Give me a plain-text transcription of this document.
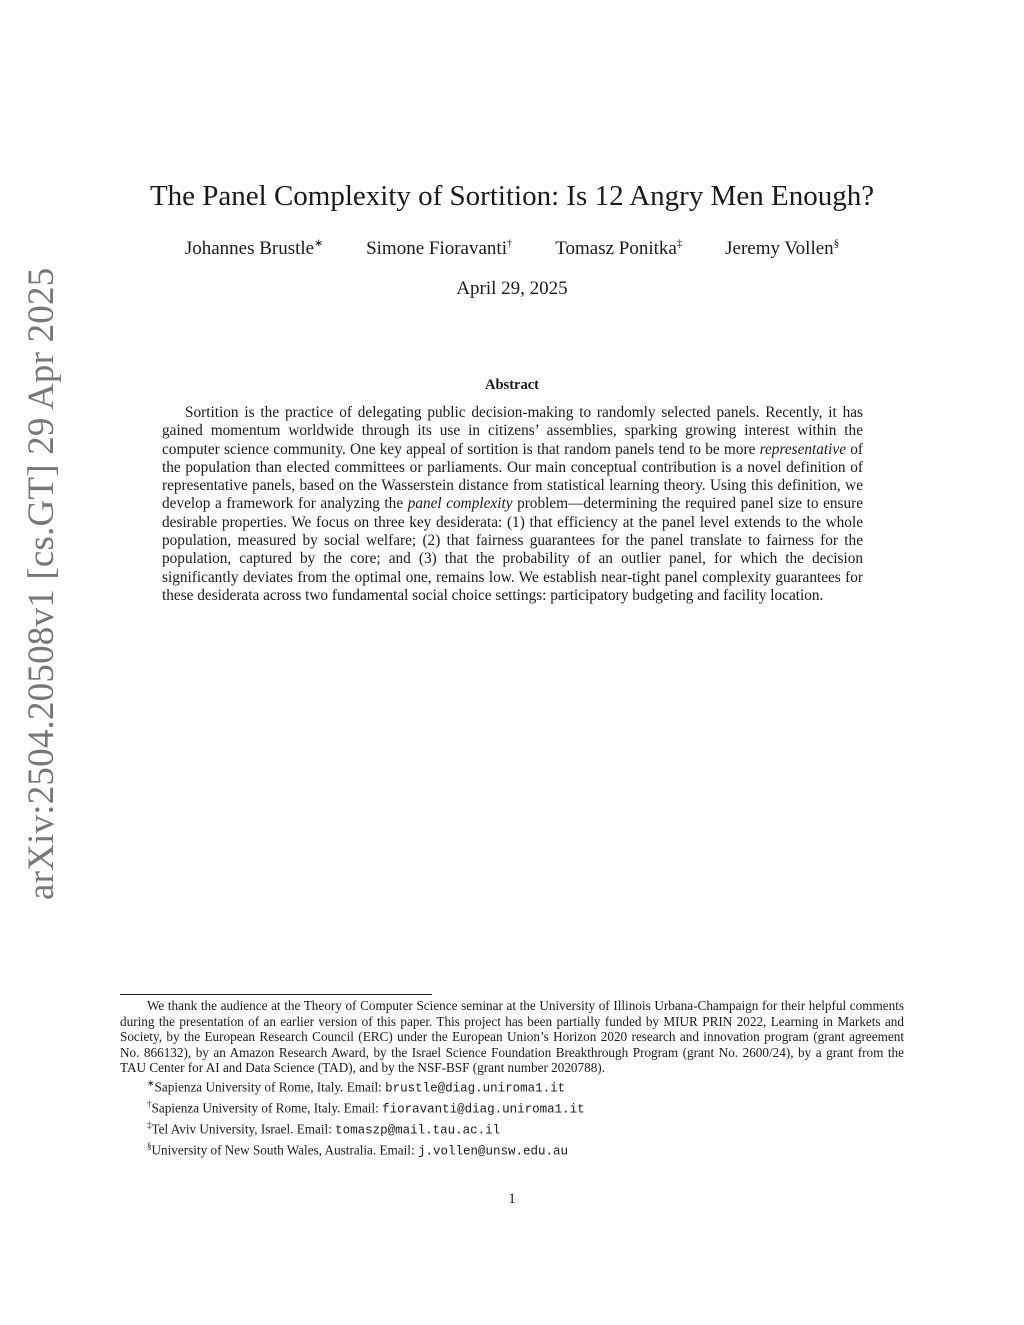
arXiv:2504.20508v1 [cs.GT] 29 Apr 2025
The Panel Complexity of Sortition: Is 12 Angry Men Enough?
Johannes Brustle∗ Simone Fioravanti† Tomasz Ponitka‡ Jeremy Vollen§
April 29, 2025
Abstract

Sortition is the practice of delegating public decision-making to randomly selected panels. Recently, it has gained momentum worldwide through its use in citizens’ assemblies, sparking growing interest within the computer science community. One key appeal of sortition is that random panels tend to be more representative of the population than elected committees or parliaments. Our main conceptual contribution is a novel definition of representative panels, based on the Wasserstein distance from statistical learning theory. Using this definition, we develop a framework for analyzing the panel complexity problem—determining the required panel size to ensure desirable properties. We focus on three key desiderata: (1) that efficiency at the panel level extends to the whole population, measured by social welfare; (2) that fairness guarantees for the panel translate to fairness for the population, captured by the core; and (3) that the probability of an outlier panel, for which the decision significantly deviates from the optimal one, remains low. We establish near-tight panel complexity guarantees for these desiderata across two fundamental social choice settings: participatory budgeting and facility location.

We thank the audience at the Theory of Computer Science seminar at the University of Illinois Urbana-Champaign for their helpful comments during the presentation of an earlier version of this paper. This project has been partially funded by MIUR PRIN 2022, Learning in Markets and Society, by the European Research Council (ERC) under the European Union’s Horizon 2020 research and innovation program (grant agreement No. 866132), by an Amazon Research Award, by the Israel Science Foundation Breakthrough Program (grant No. 2600/24), by a grant from the TAU Center for AI and Data Science (TAD), and by the NSF-BSF (grant number 2020788).

∗Sapienza University of Rome, Italy. Email: brustle@diag.uniroma1.it

†Sapienza University of Rome, Italy. Email: fioravanti@diag.uniroma1.it

‡Tel Aviv University, Israel. Email: tomaszp@mail.tau.ac.il

§University of New South Wales, Australia. Email: j.vollen@unsw.edu.au

1
